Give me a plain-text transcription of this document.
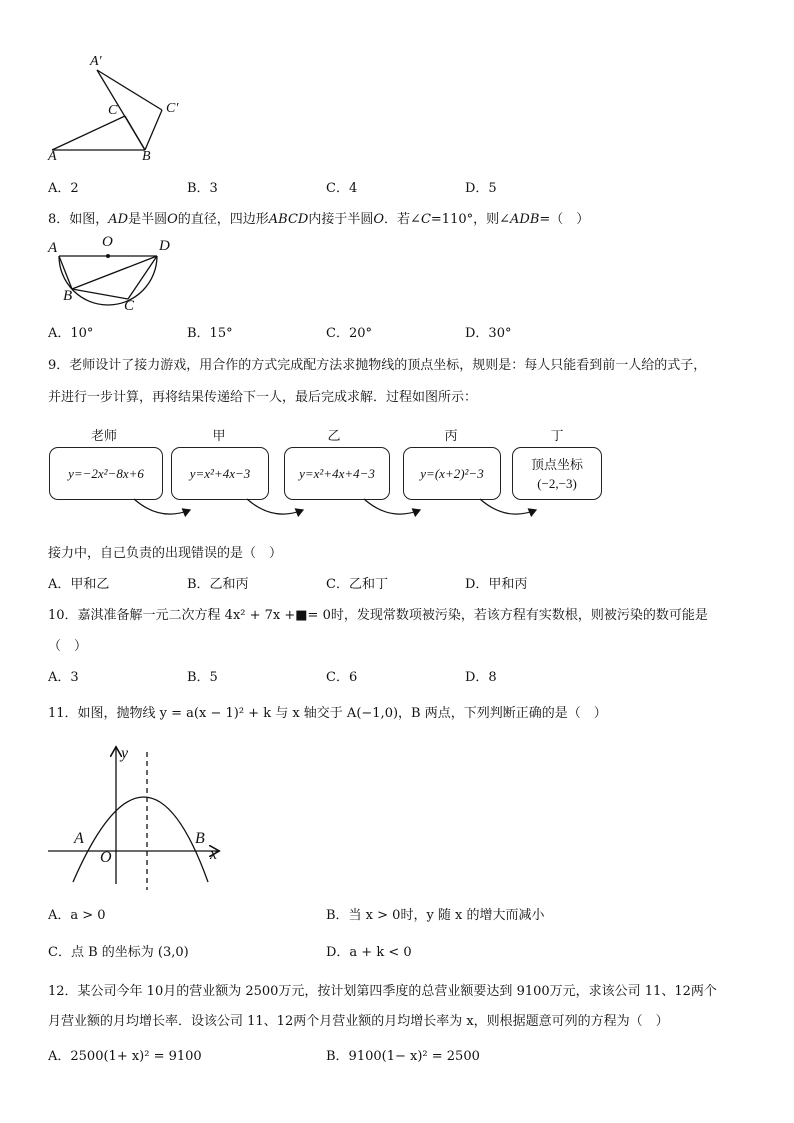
A′
C	C′
A	B
A．2	B．3	C．4	D．5
8．如图，AD是半圆O的直径，四边形ABCD内接于半圆O．若∠C=110°，则∠ADB=（　）
A	O	D
B
C
A．10°	B．15°	C．20°	D．30°
9．老师设计了接力游戏，用合作的方式完成配方法求抛物线的顶点坐标，规则是：每人只能看到前一人给的式子，
并进行一步计算，再将结果传递给下一人，最后完成求解．过程如图所示：
老师	甲	乙	丙	丁
y=−2x²−8x+6	y=x²+4x−3	y=x²+4x+4−3	y=(x+2)²−3
顶点坐标
(−2,−3)
接力中，自己负责的出现错误的是（　）
A．甲和乙	B．乙和丙	C．乙和丁	D．甲和丙
10．嘉淇准备解一元二次方程 4x² + 7x +■= 0时，发现常数项被污染，若该方程有实数根，则被污染的数可能是
（　）
A．3	B．5	C．6	D．8
11．如图，抛物线 y = a(x − 1)² + k 与 x 轴交于 A(−1,0)，B 两点，下列判断正确的是（　）
y
A
O
B
x
A．a > 0	B．当 x > 0时，y 随 x 的增大而减小
C．点 B 的坐标为 (3,0)	D．a + k < 0
12．某公司今年 10月的营业额为 2500万元，按计划第四季度的总营业额要达到 9100万元，求该公司 11、12两个
月营业额的月均增长率．设该公司 11、12两个月营业额的月均增长率为 x，则根据题意可列的方程为（　）
A．2500(1+ x)² = 9100	B．9100(1− x)² = 2500
